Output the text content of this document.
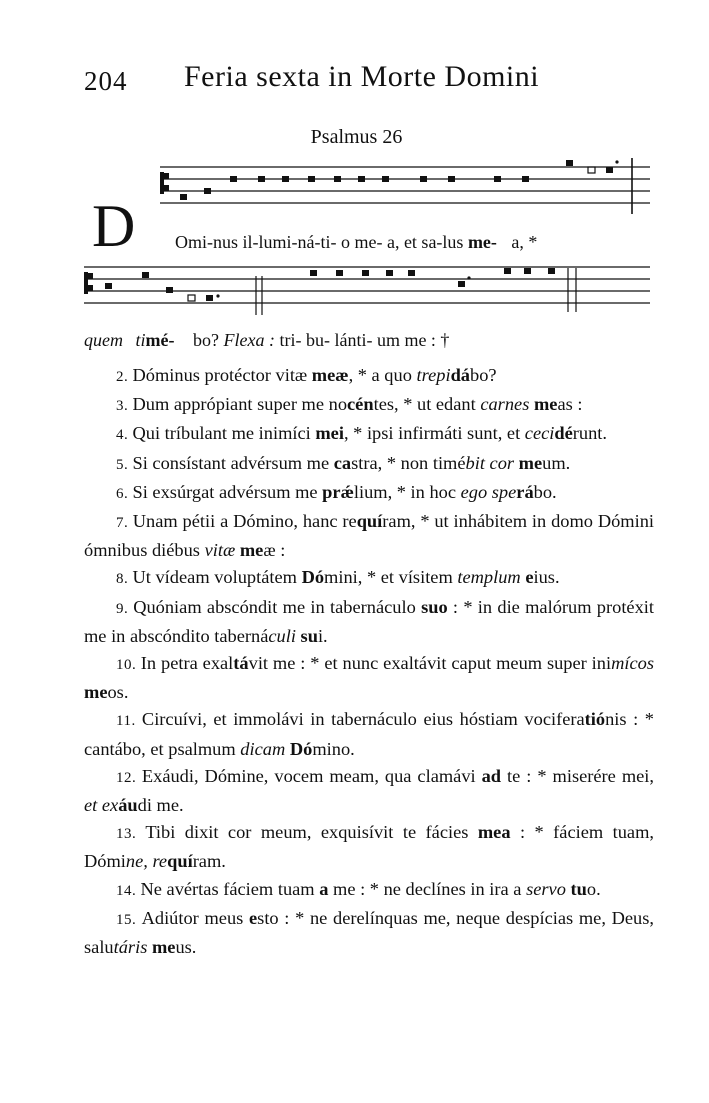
204 Feria sexta in Morte Domini
Psalmus 26
D Omi-nus il-lumi-ná-ti- o me- a, et sa-lus me- a, *
quem timé- bo? Flexa : tri- bu- lánti- um me : †

2. Dóminus protéctor vitæ meæ, * a quo trepidábo?

3. Dum apprópiant super me nocéntes, * ut edant carnes meas :

4. Qui tríbulant me inimíci mei, * ipsi infirmáti sunt, et cecidérunt.

5. Si consístant advérsum me castra, * non timébit cor meum.

6. Si exsúrgat advérsum me prǽlium, * in hoc ego sperábo.

7. Unam pétii a Dómino, hanc requíram, * ut inhábitem in domo Dómini ómnibus diébus vitæ meæ :

8. Ut vídeam voluptátem Dómini, * et vísitem templum eius.

9. Quóniam abscóndit me in tabernáculo suo : * in die malórum protéxit me in abscóndito tabernáculi sui.

10. In petra exaltávit me : * et nunc exaltávit caput meum super inimícos meos.

11. Circuívi, et immolávi in tabernáculo eius hóstiam vociferatiónis : * cantábo, et psalmum dicam Dómino.

12. Exáudi, Dómine, vocem meam, qua clamávi ad te : * miserére mei, et exáudi me.

13. Tibi dixit cor meum, exquisívit te fácies mea : * fáciem tuam, Dómine, requíram.

14. Ne avértas fáciem tuam a me : * ne declínes in ira a servo tuo.

15. Adiútor meus esto : * ne derelínquas me, neque despícias me, Deus, salutáris meus.
